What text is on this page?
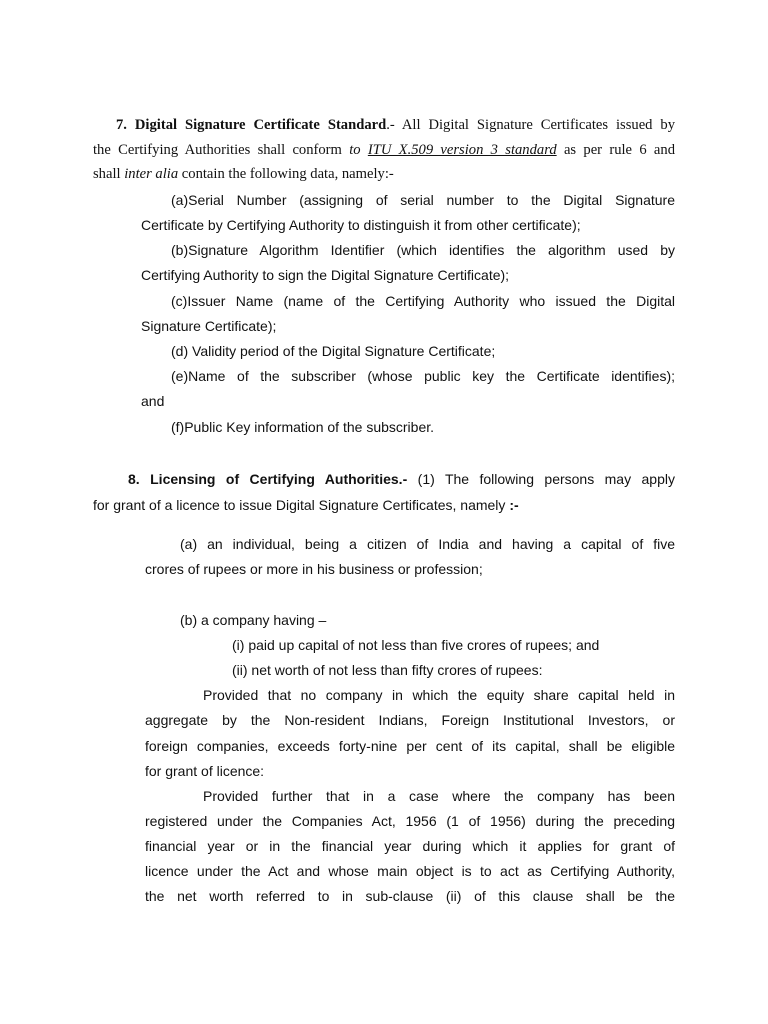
7. Digital Signature Certificate Standard.- All Digital Signature Certificates issued by
the Certifying Authorities shall conform to ITU X.509 version 3 standard as per rule 6 and
shall inter alia contain the following data, namely:-
(a)Serial Number (assigning of serial number to the Digital Signature
Certificate by Certifying Authority to distinguish it from other certificate);
(b)Signature Algorithm Identifier (which identifies the algorithm used by
Certifying Authority to sign the Digital Signature Certificate);
(c)Issuer Name (name of the Certifying Authority who issued the Digital
Signature Certificate);
(d) Validity period of the Digital Signature Certificate;
(e)Name of the subscriber (whose public key the Certificate identifies);
and
(f)Public Key information of the subscriber.
8. Licensing of Certifying Authorities.- (1) The following persons may apply
for grant of a licence to issue Digital Signature Certificates, namely :-
(a) an individual, being a citizen of India and having a capital of five
crores of rupees or more in his business or profession;
(b) a company having –
(i) paid up capital of not less than five crores of rupees; and
(ii) net worth of not less than fifty crores of rupees:
Provided that no company in which the equity share capital held in
aggregate by the Non-resident Indians, Foreign Institutional Investors, or
foreign companies, exceeds forty-nine per cent of its capital, shall be eligible
for grant of licence:
Provided further that in a case where the company has been
registered under the Companies Act, 1956 (1 of 1956) during the preceding
financial year or in the financial year during which it applies for grant of
licence under the Act and whose main object is to act as Certifying Authority,
the net worth referred to in sub-clause (ii) of this clause shall be the
